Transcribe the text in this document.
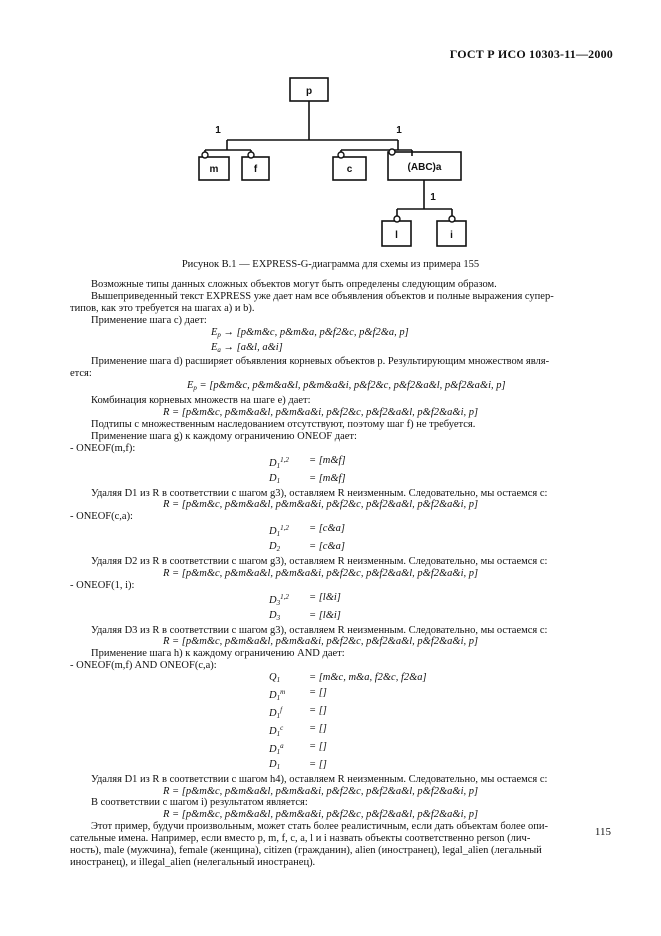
ГОСТ Р ИСО 10303-11—2000
p
m	f	c	(ABC)a
l	i
1	1
1
Рисунок В.1 — EXPRESS-G-диаграмма для схемы из примера 155

Возможные типы данных сложных объектов могут быть определены следующим образом.

Вышеприведенный текст EXPRESS уже дает нам все объявления объектов и полные выражения супер-

типов, как это требуется на шагах a) и b).

Применение шага c) дает:

$E_p$ → [p&m&c, p&m&a, p&f2&c, p&f2&a, p]

$E_a$ → [a&l, a&i]

Применение шага d) расширяет объявления корневых объектов p. Результирующим множеством явля-

ется:

$E_p$ = [p&m&c, p&m&a&l, p&m&a&i, p&f2&c, p&f2&a&l, p&f2&a&i, p]

Комбинация корневых множеств на шаге e) дает:

R = [p&m&c, p&m&a&l, p&m&a&i, p&f2&c, p&f2&a&l, p&f2&a&i, p]

Подтипы с множественным наследованием отсутствуют, поэтому шаг f) не требуется.

Применение шага g) к каждому ограничению ONEOF дает:

- ONEOF(m,f):

$D_1^{1,2}$	= [m&f]
$D_1$	= [m&f]

Удаляя D1 из R в соответствии с шагом g3), оставляем R неизменным. Следовательно, мы остаемся с:

R = [p&m&c, p&m&a&l, p&m&a&i, p&f2&c, p&f2&a&l, p&f2&a&i, p]

- ONEOF(c,a):

$D_1^{1,2}$	= [c&a]
$D_2$	= [c&a]

Удаляя D2 из R в соответствии с шагом g3), оставляем R неизменным. Следовательно, мы остаемся с:

R = [p&m&c, p&m&a&l, p&m&a&i, p&f2&c, p&f2&a&l, p&f2&a&i, p]

- ONEOF(1, i):

$D_3^{1,2}$	= [l&i]
$D_3$	= [l&i]

Удаляя D3 из R в соответствии с шагом g3), оставляем R неизменным. Следовательно, мы остаемся с:

R = [p&m&c, p&m&a&l, p&m&a&i, p&f2&c, p&f2&a&l, p&f2&a&i, p]

Применение шага h) к каждому ограничению AND дает:

- ONEOF(m,f) AND ONEOF(c,a):

$Q_1$	= [m&c, m&a, f2&c, f2&a]
$D_1^m$	= []
$D_1^f$	= []
$D_1^c$	= []
$D_1^a$	= []
$D_1$	= []

Удаляя D1 из R в соответствии с шагом h4), оставляем R неизменным. Следовательно, мы остаемся с:

R = [p&m&c, p&m&a&l, p&m&a&i, p&f2&c, p&f2&a&l, p&f2&a&i, p]

В соответствии с шагом i) результатом является:

R = [p&m&c, p&m&a&l, p&m&a&i, p&f2&c, p&f2&a&l, p&f2&a&i, p]

Этот пример, будучи произвольным, может стать более реалистичным, если дать объектам более опи-

сательные имена. Например, если вместо p, m, f, c, a, l и i назвать объекты соответственно person (лич-

ность), male (мужчина), female (женщина), citizen (гражданин), alien (иностранец), legal_alien (легальный

иностранец), и illegal_alien (нелегальный иностранец).

115
